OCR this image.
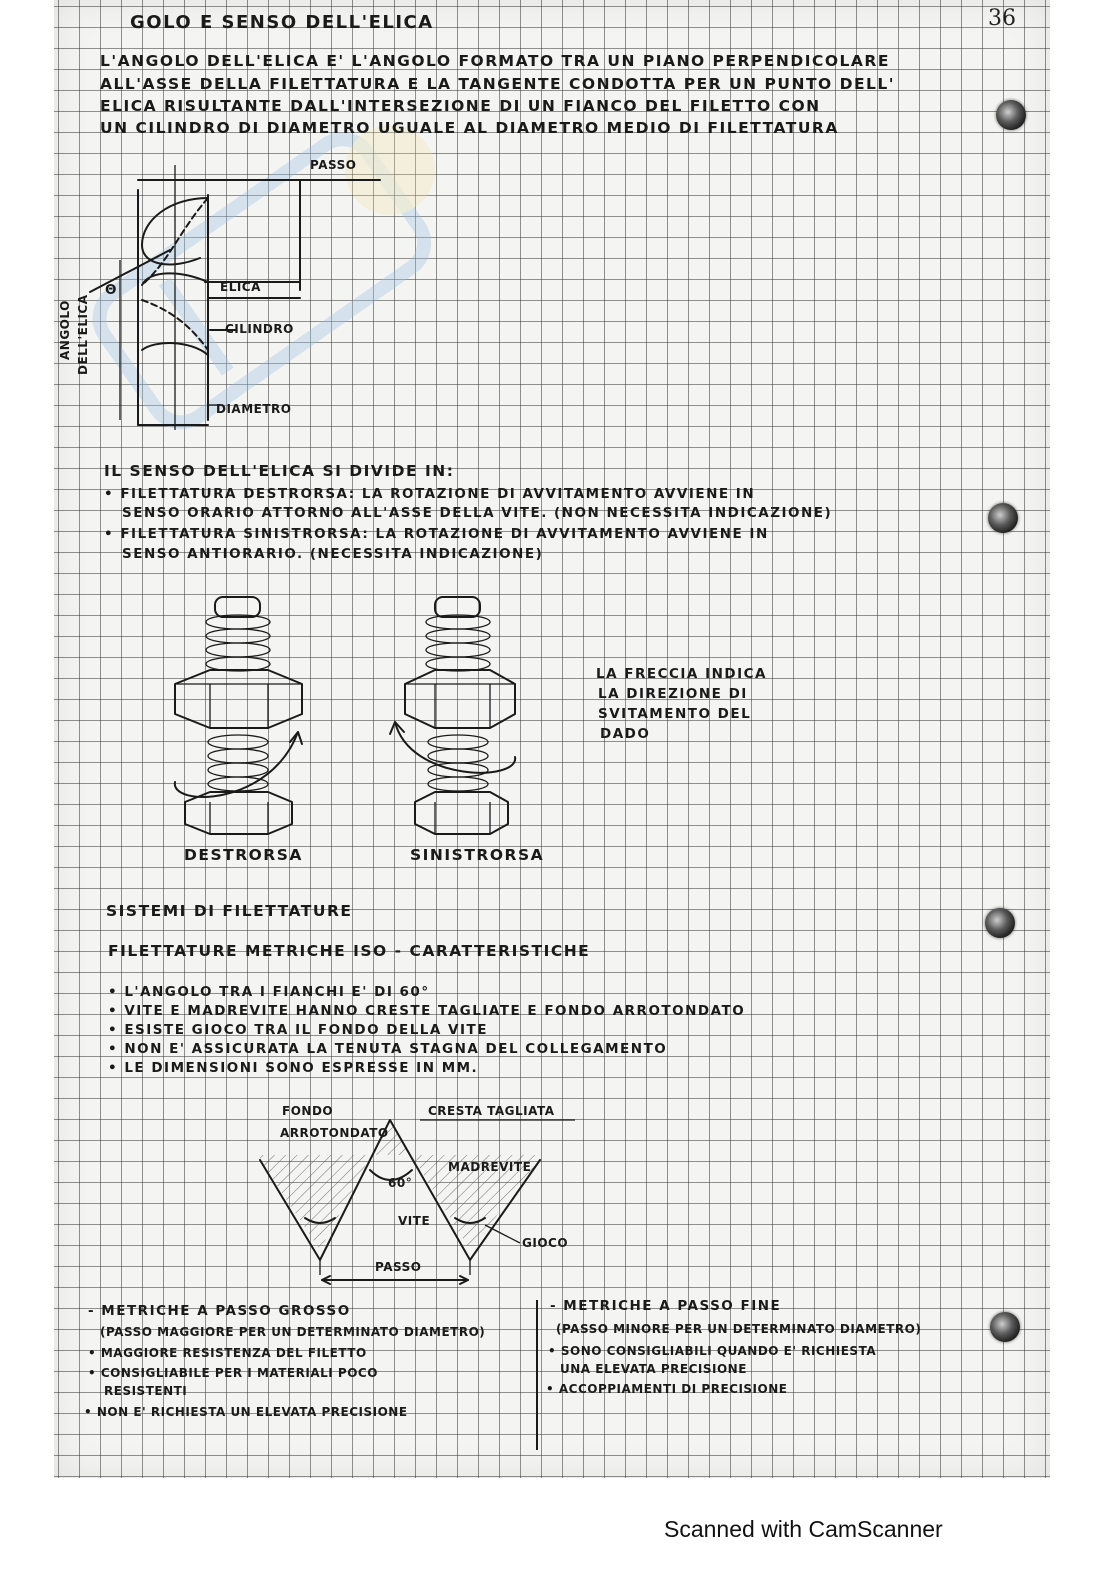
GOLO E SENSO DELL'ELICA	36
L'ANGOLO DELL'ELICA E' L'ANGOLO FORMATO TRA UN PIANO PERPENDICOLARE
ALL'ASSE DELLA FILETTATURA E LA TANGENTE CONDOTTA PER UN PUNTO DELL'
ELICA RISULTANTE DALL'INTERSEZIONE DI UN FIANCO DEL FILETTO CON
UN CILINDRO DI DIAMETRO UGUALE AL DIAMETRO MEDIO DI FILETTATURA
PASSO
ELICA
CILINDRO
DIAMETRO
Θ
ANGOLO DELL'ELICA
IL SENSO DELL'ELICA SI DIVIDE IN:
• FILETTATURA DESTRORSA: LA ROTAZIONE DI AVVITAMENTO AVVIENE IN
SENSO ORARIO ATTORNO ALL'ASSE DELLA VITE. (NON NECESSITA INDICAZIONE)
• FILETTATURA SINISTRORSA: LA ROTAZIONE DI AVVITAMENTO AVVIENE IN
SENSO ANTIORARIO. (NECESSITA INDICAZIONE)
DESTRORSA	SINISTRORSA
LA FRECCIA INDICA
LA DIREZIONE DI
SVITAMENTO DEL
DADO
SISTEMI DI FILETTATURE
FILETTATURE METRICHE ISO - CARATTERISTICHE
• L'ANGOLO TRA I FIANCHI E' DI 60°
• VITE E MADREVITE HANNO CRESTE TAGLIATE E FONDO ARROTONDATO
• ESISTE GIOCO TRA IL FONDO DELLA VITE
• NON E' ASSICURATA LA TENUTA STAGNA DEL COLLEGAMENTO
• LE DIMENSIONI SONO ESPRESSE IN MM.
FONDO
ARROTONDATO
CRESTA TAGLIATA
60°
MADREVITE
VITE
GIOCO
PASSO
- METRICHE A PASSO GROSSO
(PASSO MAGGIORE PER UN DETERMINATO DIAMETRO)
• MAGGIORE RESISTENZA DEL FILETTO
• CONSIGLIABILE PER I MATERIALI POCO
RESISTENTI
• NON E' RICHIESTA UN ELEVATA PRECISIONE
- METRICHE A PASSO FINE
(PASSO MINORE PER UN DETERMINATO DIAMETRO)
• SONO CONSIGLIABILI QUANDO E' RICHIESTA
UNA ELEVATA PRECISIONE
• ACCOPPIAMENTI DI PRECISIONE
Scanned with CamScanner
